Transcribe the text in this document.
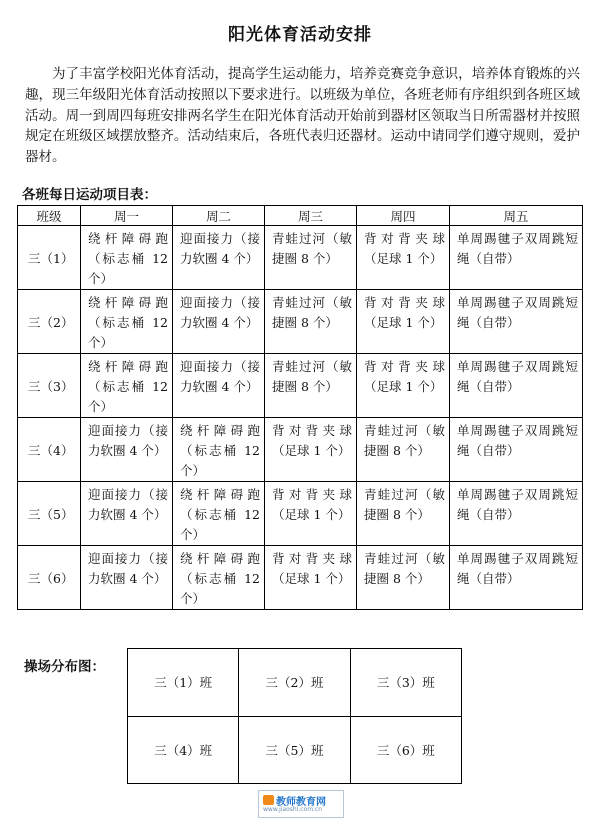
阳光体育活动安排

为了丰富学校阳光体育活动，提高学生运动能力，培养竞赛竞争意识，培养体育锻炼的兴趣，现三年级阳光体育活动按照以下要求进行。以班级为单位，各班老师有序组织到各班区域活动。周一到周四每班安排两名学生在阳光体育活动开始前到器材区领取当日所需器材并按照规定在班级区域摆放整齐。活动结束后，各班代表归还器材。运动中请同学们遵守规则，爱护器材。

各班每日运动项目表：
班级	周一	周二	周三	周四	周五
三（1）	绕杆障碍跑（标志桶 12 个）	迎面接力（接力软圈 4 个）	青蛙过河（敏捷圈 8 个）	背对背夹球（足球 1 个）	单周踢毽子双周跳短绳（自带）
三（2）	绕杆障碍跑（标志桶 12 个）	迎面接力（接力软圈 4 个）	青蛙过河（敏捷圈 8 个）	背对背夹球（足球 1 个）	单周踢毽子双周跳短绳（自带）
三（3）	绕杆障碍跑（标志桶 12 个）	迎面接力（接力软圈 4 个）	青蛙过河（敏捷圈 8 个）	背对背夹球（足球 1 个）	单周踢毽子双周跳短绳（自带）
三（4）	迎面接力（接力软圈 4 个）	绕杆障碍跑（标志桶 12 个）	背对背夹球（足球 1 个）	青蛙过河（敏捷圈 8 个）	单周踢毽子双周跳短绳（自带）
三（5）	迎面接力（接力软圈 4 个）	绕杆障碍跑（标志桶 12 个）	背对背夹球（足球 1 个）	青蛙过河（敏捷圈 8 个）	单周踢毽子双周跳短绳（自带）
三（6）	迎面接力（接力软圈 4 个）	绕杆障碍跑（标志桶 12 个）	背对背夹球（足球 1 个）	青蛙过河（敏捷圈 8 个）	单周踢毽子双周跳短绳（自带）
操场分布图：
三（1）班	三（2）班	三（3）班
三（4）班	三（5）班	三（6）班
教师教育网
www.jiaoshi.com.cn
